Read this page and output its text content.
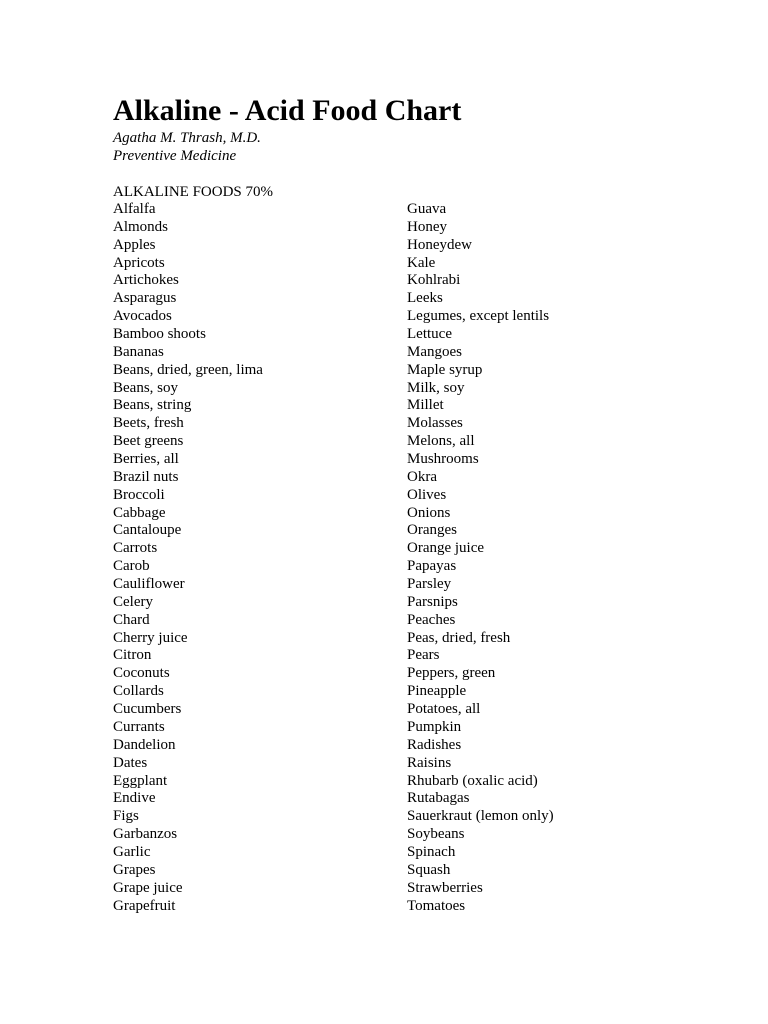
Alkaline - Acid Food Chart
Agatha M. Thrash, M.D.
Preventive Medicine
ALKALINE FOODS 70%
Alfalfa
Almonds
Apples
Apricots
Artichokes
Asparagus
Avocados
Bamboo shoots
Bananas
Beans, dried, green, lima
Beans, soy
Beans, string
Beets, fresh
Beet greens
Berries, all
Brazil nuts
Broccoli
Cabbage
Cantaloupe
Carrots
Carob
Cauliflower
Celery
Chard
Cherry juice
Citron
Coconuts
Collards
Cucumbers
Currants
Dandelion
Dates
Eggplant
Endive
Figs
Garbanzos
Garlic
Grapes
Grape juice
Grapefruit
Guava
Honey
Honeydew
Kale
Kohlrabi
Leeks
Legumes, except lentils
Lettuce
Mangoes
Maple syrup
Milk, soy
Millet
Molasses
Melons, all
Mushrooms
Okra
Olives
Onions
Oranges
Orange juice
Papayas
Parsley
Parsnips
Peaches
Peas, dried, fresh
Pears
Peppers, green
Pineapple
Potatoes, all
Pumpkin
Radishes
Raisins
Rhubarb (oxalic acid)
Rutabagas
Sauerkraut (lemon only)
Soybeans
Spinach
Squash
Strawberries
Tomatoes
